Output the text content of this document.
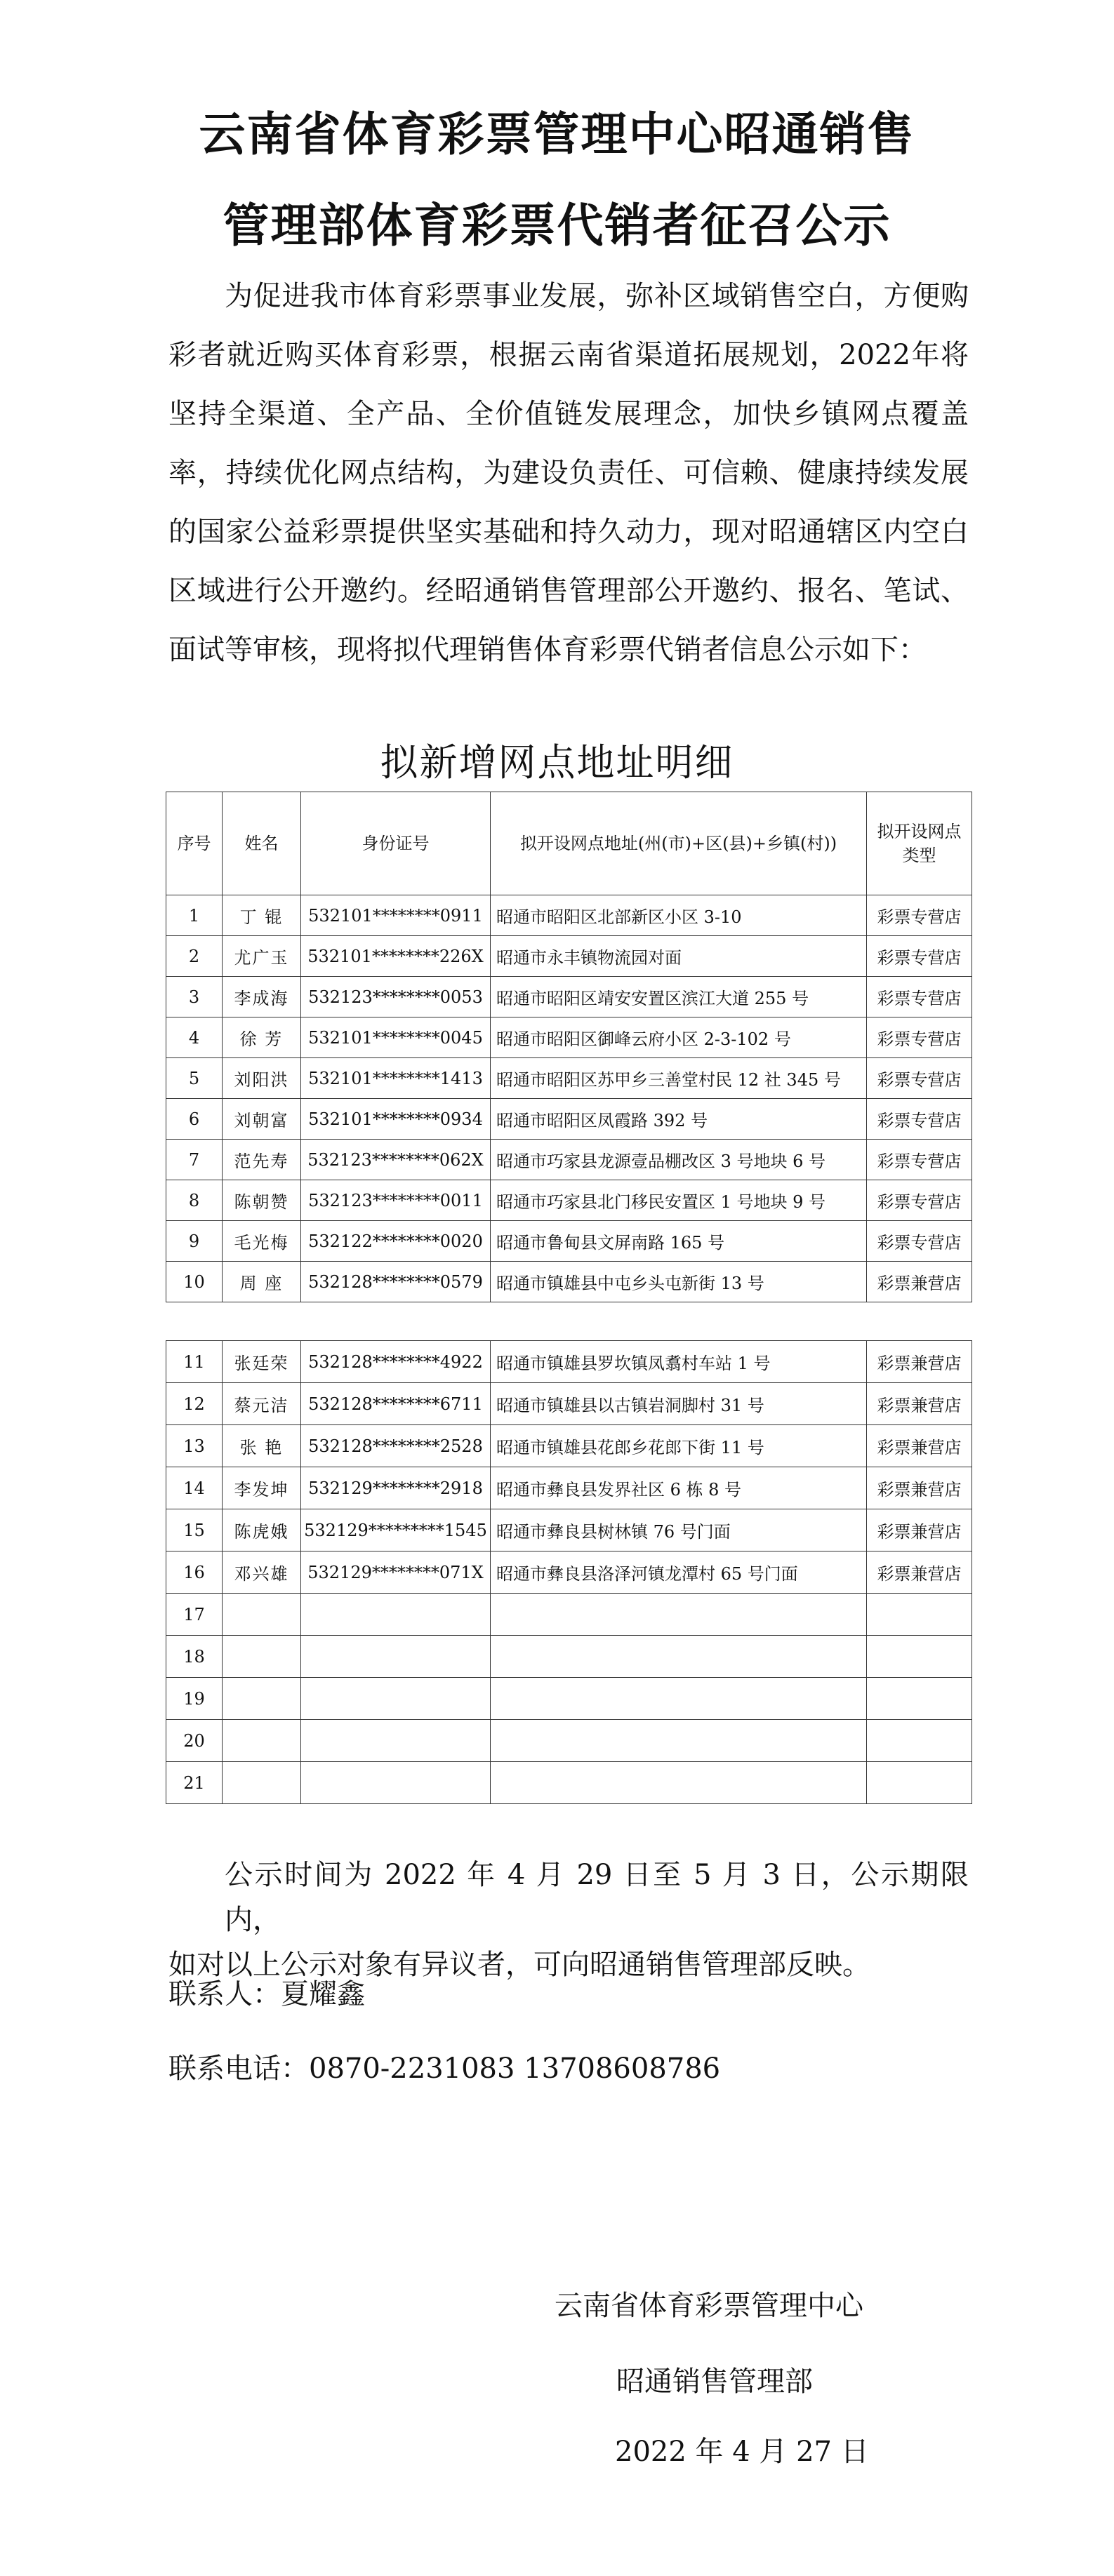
云南省体育彩票管理中心昭通销售
管理部体育彩票代销者征召公示

为促进我市体育彩票事业发展，弥补区域销售空白，方便购彩者就近购买体育彩票，根据云南省渠道拓展规划，2022年将坚持全渠道、全产品、全价值链发展理念，加快乡镇网点覆盖率，持续优化网点结构，为建设负责任、可信赖、健康持续发展的国家公益彩票提供坚实基础和持久动力，现对昭通辖区内空白区域进行公开邀约。经昭通销售管理部公开邀约、报名、笔试、面试等审核，现将拟代理销售体育彩票代销者信息公示如下：

拟新增网点地址明细
序号	姓名	身份证号	拟开设网点地址(州(市)+区(县)+乡镇(村))	拟开设网点类型
1	丁 锟	532101********0911	昭通市昭阳区北部新区小区 3-10	彩票专营店
2	尤广玉	532101********226X	昭通市永丰镇物流园对面	彩票专营店
3	李成海	532123********0053	昭通市昭阳区靖安安置区滨江大道 255 号	彩票专营店
4	徐 芳	532101********0045	昭通市昭阳区御峰云府小区 2-3-102 号	彩票专营店
5	刘阳洪	532101********1413	昭通市昭阳区苏甲乡三善堂村民 12 社 345 号	彩票专营店
6	刘朝富	532101********0934	昭通市昭阳区凤霞路 392 号	彩票专营店
7	范先寿	532123********062X	昭通市巧家县龙源壹品棚改区 3 号地块 6 号	彩票专营店
8	陈朝赞	532123********0011	昭通市巧家县北门移民安置区 1 号地块 9 号	彩票专营店
9	毛光梅	532122********0020	昭通市鲁甸县文屏南路 165 号	彩票专营店
10	周 座	532128********0579	昭通市镇雄县中屯乡头屯新街 13 号	彩票兼营店
11	张廷荣	532128********4922	昭通市镇雄县罗坎镇凤翥村车站 1 号	彩票兼营店
12	蔡元洁	532128********6711	昭通市镇雄县以古镇岩洞脚村 31 号	彩票兼营店
13	张 艳	532128********2528	昭通市镇雄县花郎乡花郎下街 11 号	彩票兼营店
14	李发坤	532129********2918	昭通市彝良县发界社区 6 栋 8 号	彩票兼营店
15	陈虎娥	532129*********1545	昭通市彝良县树林镇 76 号门面	彩票兼营店
16	邓兴雄	532129********071X	昭通市彝良县洛泽河镇龙潭村 65 号门面	彩票兼营店
17				
18				
19				
20				
21				
公示时间为 2022 年 4 月 29 日至 5 月 3 日，公示期限内，
如对以上公示对象有异议者，可向昭通销售管理部反映。
联系人：夏耀鑫
联系电话：0870-2231083 13708608786
云南省体育彩票管理中心
昭通销售管理部
2022 年 4 月 27 日
